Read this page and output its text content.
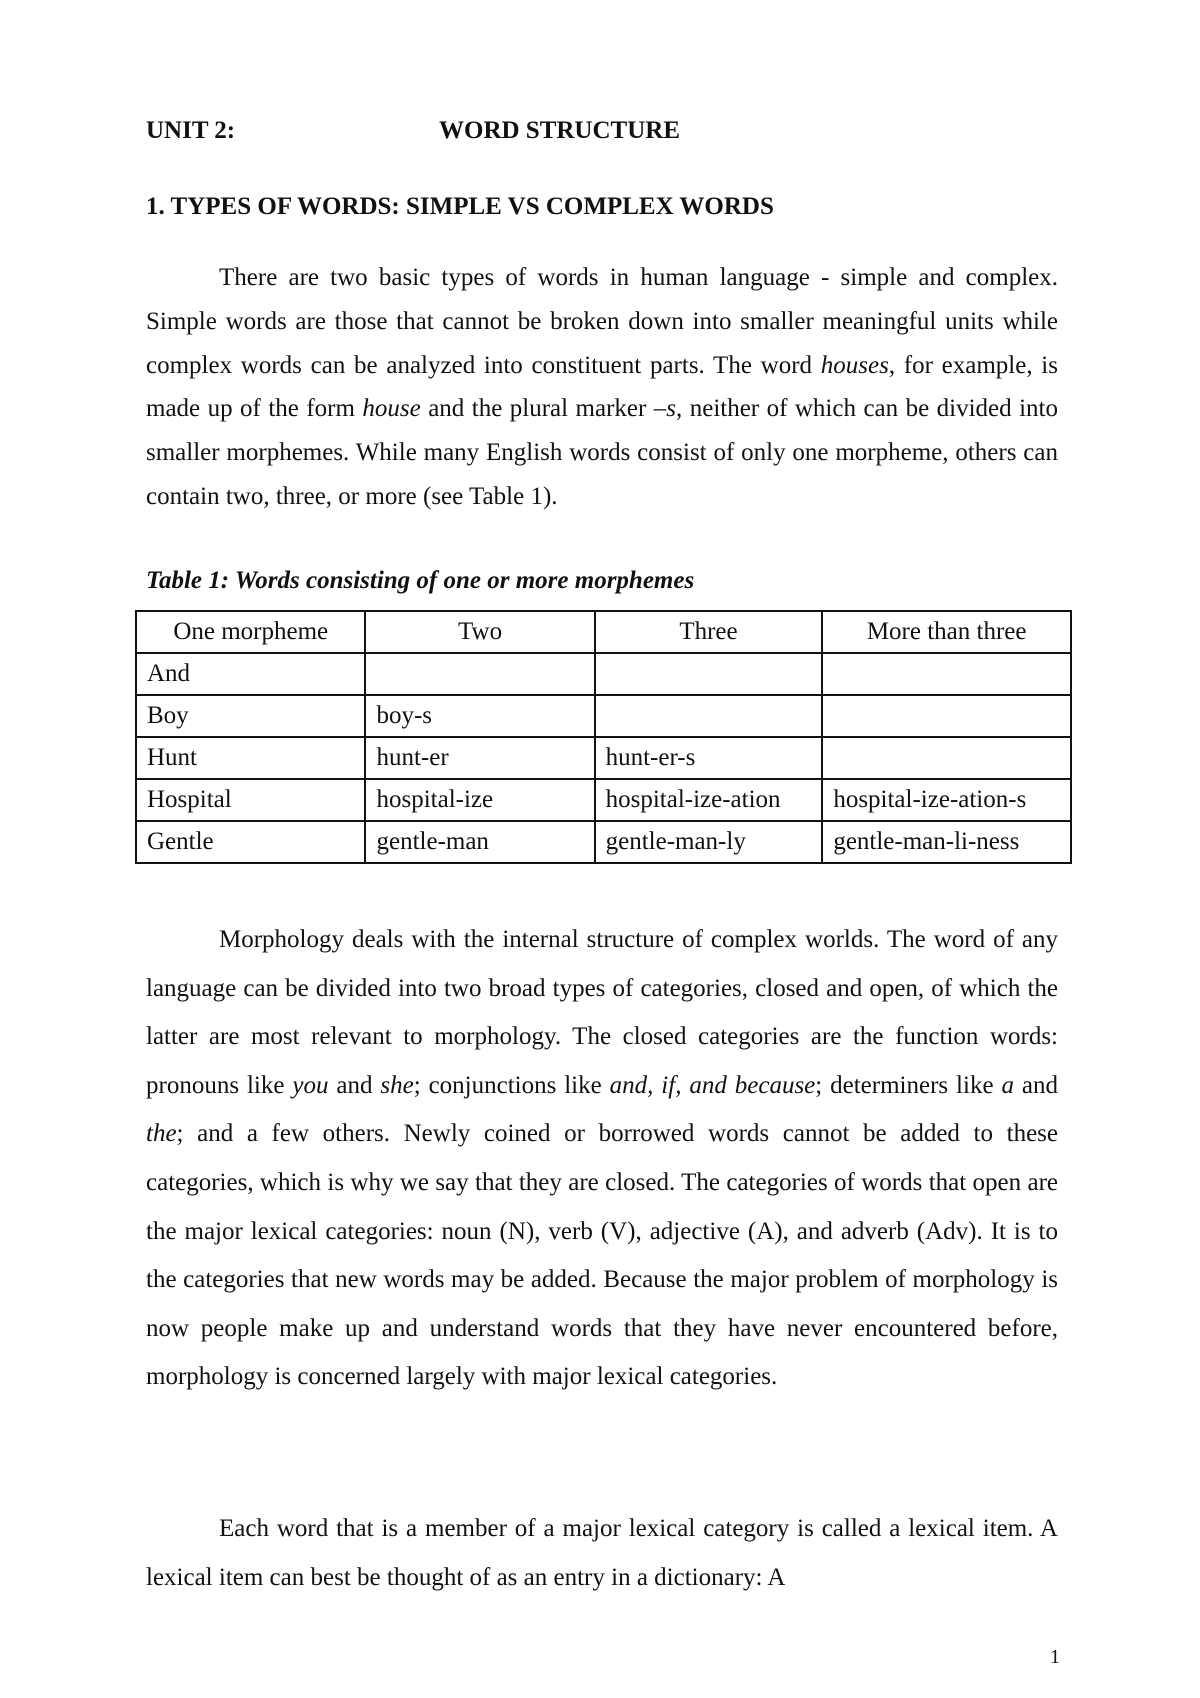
UNIT 2:	WORD STRUCTURE
1. TYPES OF WORDS: SIMPLE VS COMPLEX WORDS

There are two basic types of words in human language - simple and complex. Simple words are those that cannot be broken down into smaller meaningful units while complex words can be analyzed into constituent parts. The word houses, for example, is made up of the form house and the plural marker –s, neither of which can be divided into smaller morphemes. While many English words consist of only one morpheme, others can contain two, three, or more (see Table 1).

Table 1: Words consisting of one or more morphemes
One morpheme	Two	Three	More than three
And			
Boy	boy-s		
Hunt	hunt-er	hunt-er-s	
Hospital	hospital-ize	hospital-ize-ation	hospital-ize-ation-s
Gentle	gentle-man	gentle-man-ly	gentle-man-li-ness

Morphology deals with the internal structure of complex worlds. The word of any language can be divided into two broad types of categories, closed and open, of which the latter are most relevant to morphology. The closed categories are the function words: pronouns like you and she; conjunctions like and, if, and because; determiners like a and the; and a few others. Newly coined or borrowed words cannot be added to these categories, which is why we say that they are closed. The categories of words that open are the major lexical categories: noun (N), verb (V), adjective (A), and adverb (Adv). It is to the categories that new words may be added. Because the major problem of morphology is now people make up and understand words that they have never encountered before, morphology is concerned largely with major lexical categories.

Each word that is a member of a major lexical category is called a lexical item. A lexical item can best be thought of as an entry in a dictionary: A

1
